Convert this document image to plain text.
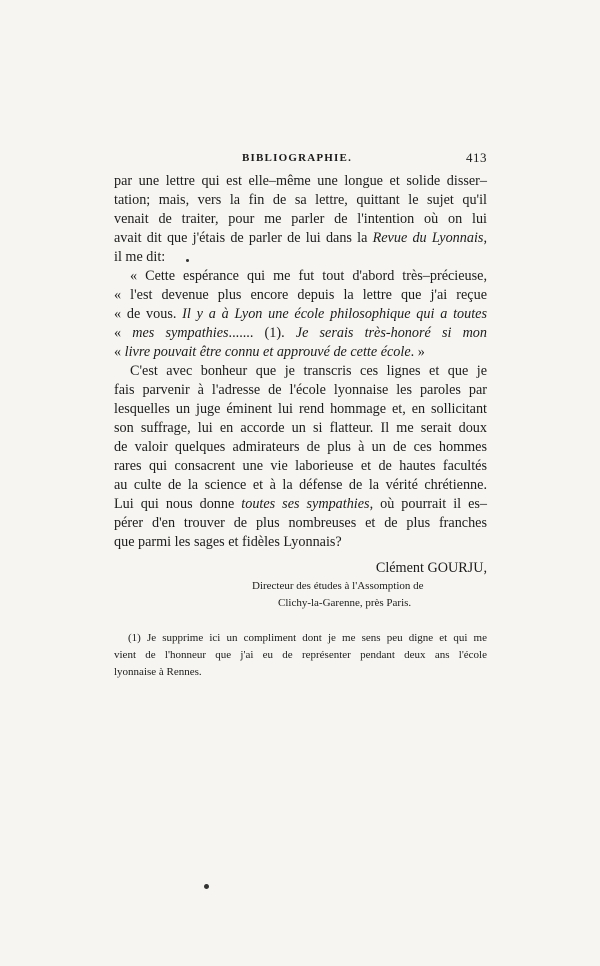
BIBLIOGRAPHIE.	413
par une lettre qui est elle–même une longue et solide disser–
tation; mais, vers la fin de sa lettre, quittant le sujet qu'il
venait de traiter, pour me parler de l'intention où on lui
avait dit que j'étais de parler de lui dans la Revue du Lyonnais,
il me dit:
« Cette espérance qui me fut tout d'abord très–précieuse,
« l'est devenue plus encore depuis la lettre que j'ai reçue
« de vous. Il y a à Lyon une école philosophique qui a toutes
« mes sympathies....... (1). Je serais très-honoré si mon
« livre pouvait être connu et approuvé de cette école. »
C'est avec bonheur que je transcris ces lignes et que je
fais parvenir à l'adresse de l'école lyonnaise les paroles par
lesquelles un juge éminent lui rend hommage et, en sollicitant
son suffrage, lui en accorde un si flatteur. Il me serait doux
de valoir quelques admirateurs de plus à un de ces hommes
rares qui consacrent une vie laborieuse et de hautes facultés
au culte de la science et à la défense de la vérité chrétienne.
Lui qui nous donne toutes ses sympathies, où pourrait il es–
pérer d'en trouver de plus nombreuses et de plus franches
que parmi les sages et fidèles Lyonnais?
Clément GOURJU,
Directeur des études à l'Assomption de
Clichy-la-Garenne, près Paris.
(1) Je supprime ici un compliment dont je me sens peu digne et qui me
vient de l'honneur que j'ai eu de représenter pendant deux ans l'école
lyonnaise à Rennes.
